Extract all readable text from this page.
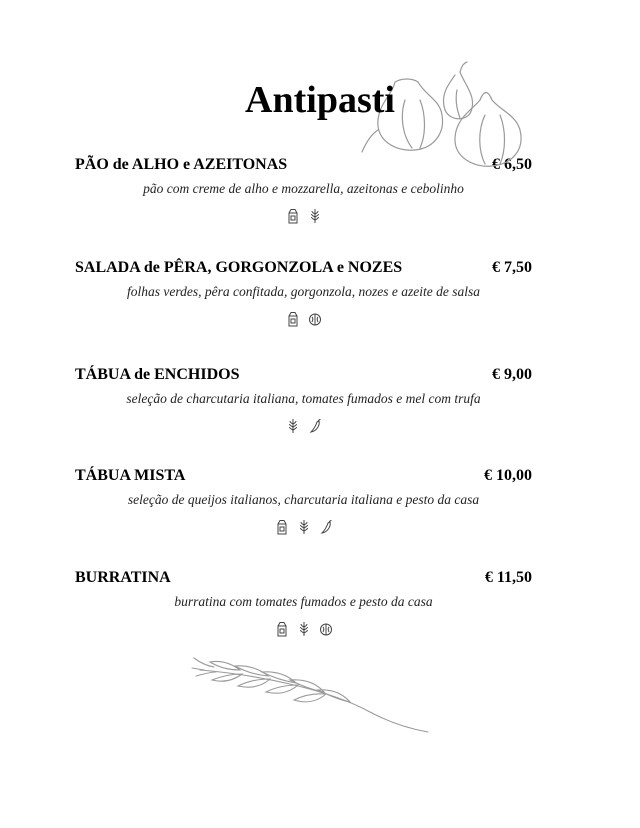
Antipasti
PÃO de ALHO e AZEITONAS	€ 6,50
pão com creme de alho e mozzarella, azeitonas e cebolinho
SALADA de PÊRA, GORGONZOLA e NOZES	€ 7,50
folhas verdes, pêra confitada, gorgonzola, nozes e azeite de salsa
TÁBUA de ENCHIDOS	€ 9,00
seleção de charcutaria italiana, tomates fumados e mel com trufa
TÁBUA MISTA	€ 10,00
seleção de queijos italianos, charcutaria italiana e pesto da casa
BURRATINA	€ 11,50
burratina com tomates fumados e pesto da casa
